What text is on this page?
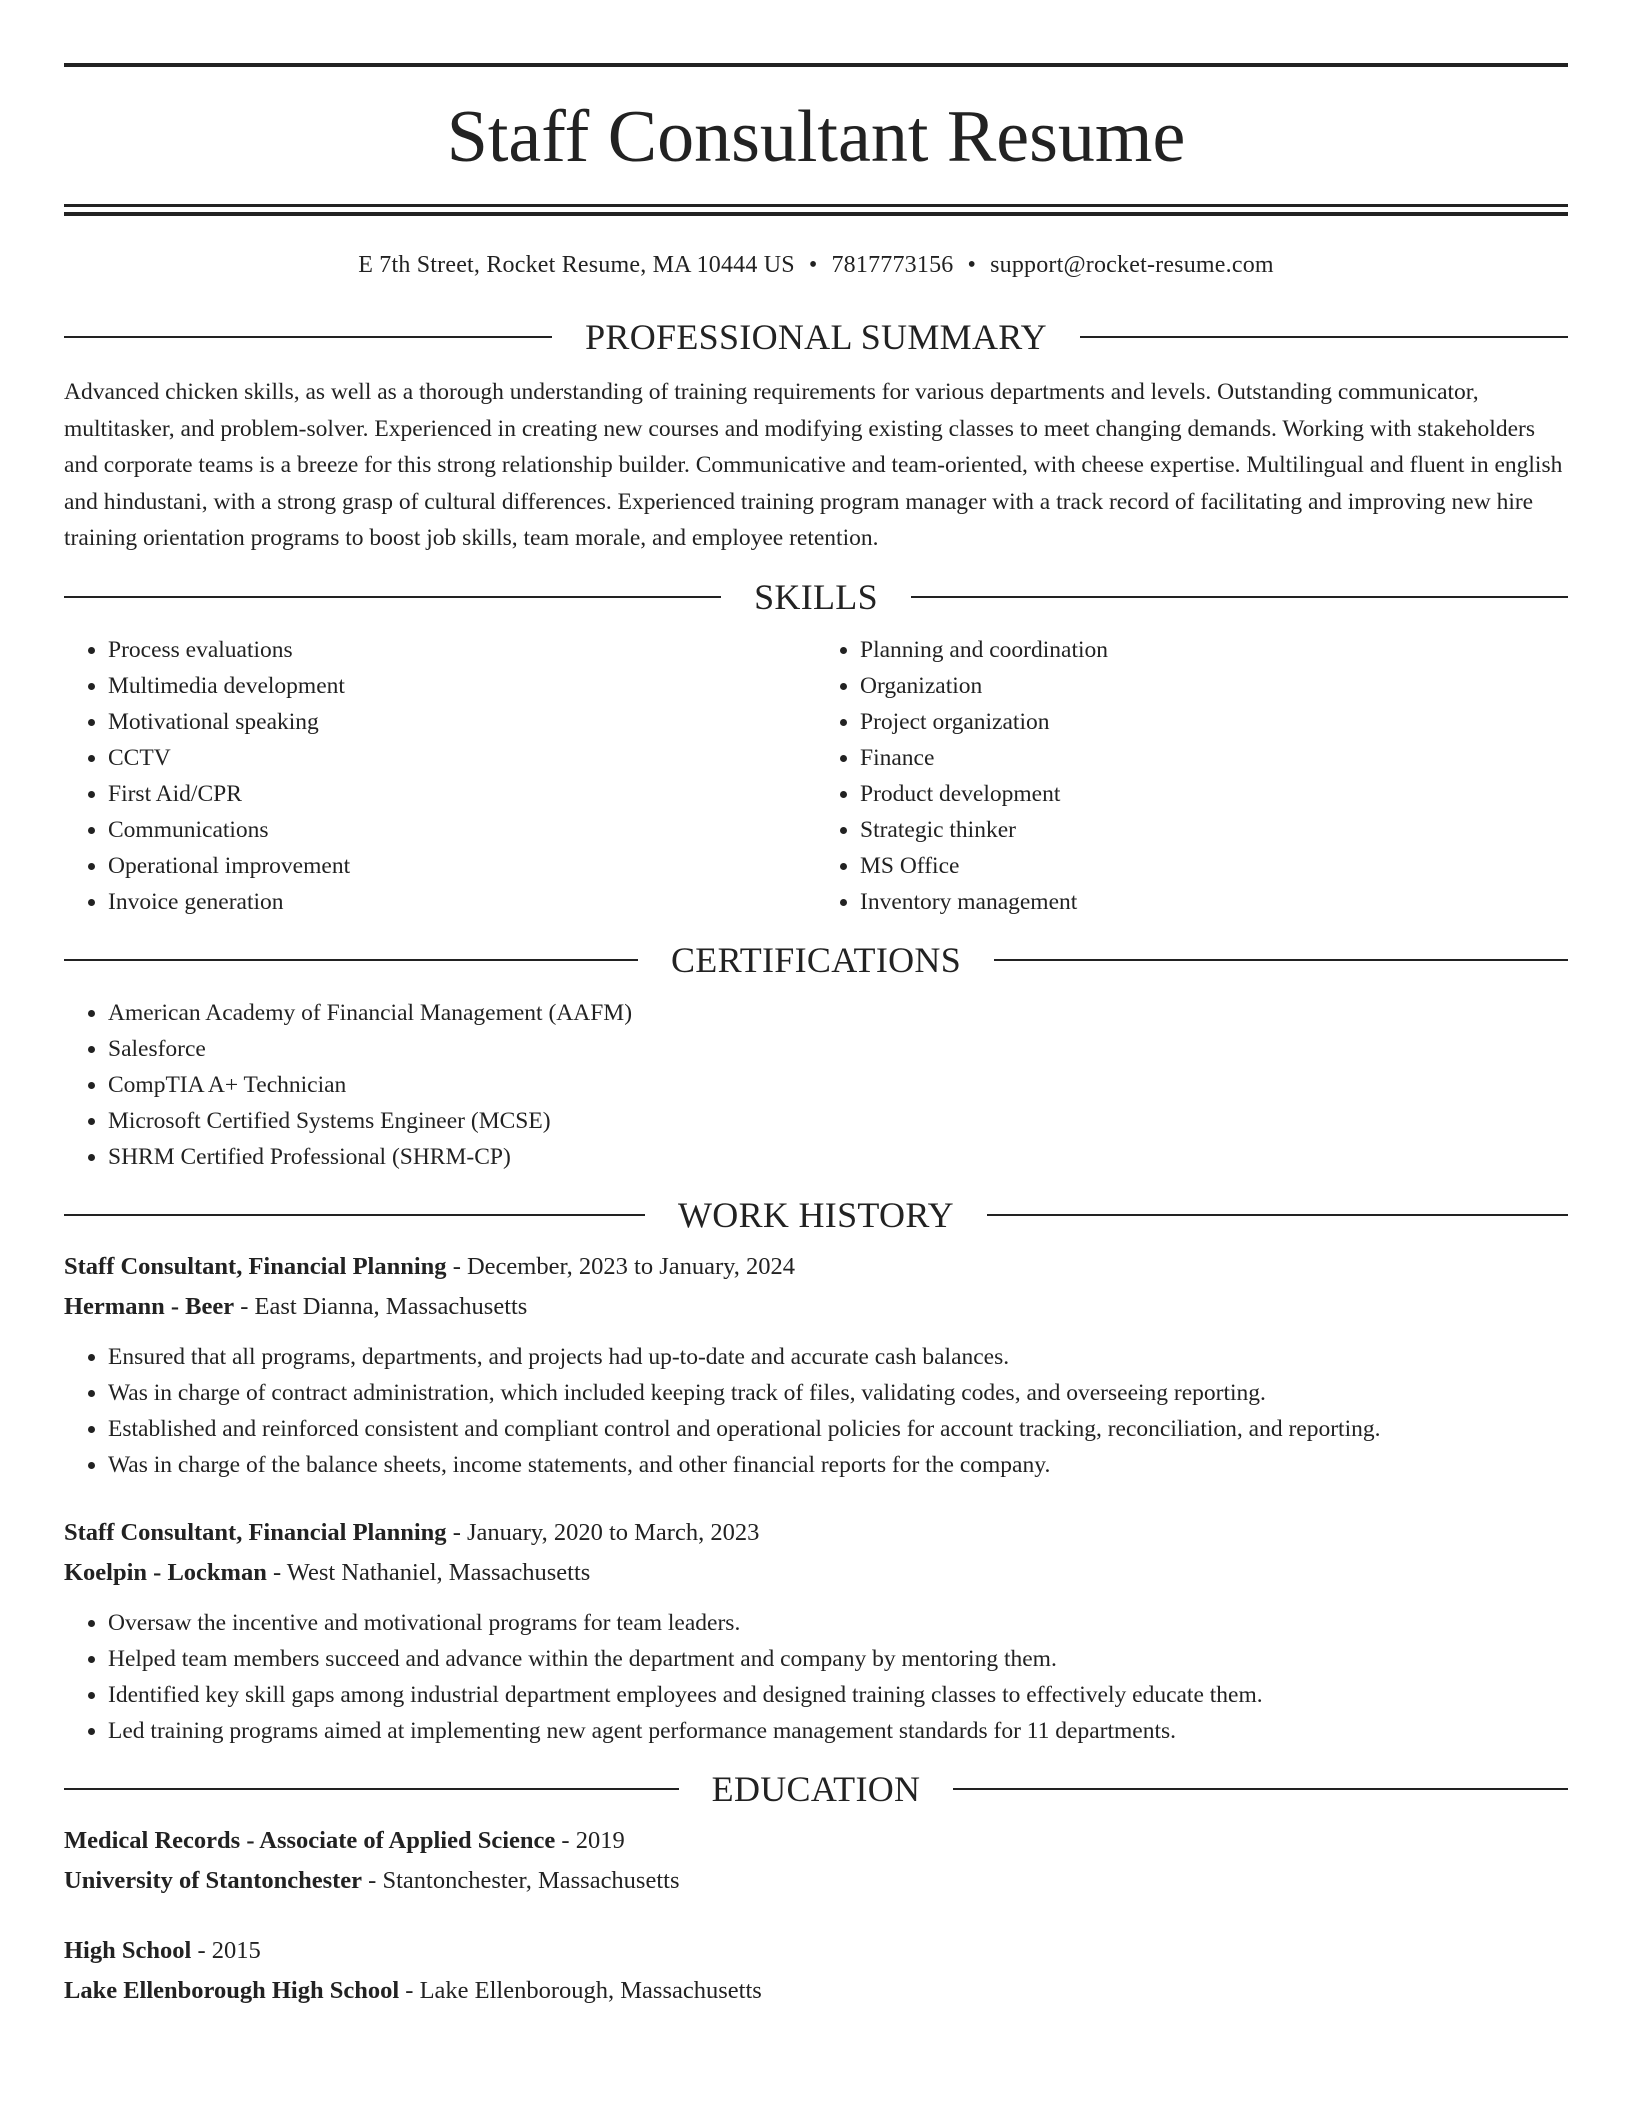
Staff Consultant Resume
E 7th Street, Rocket Resume, MA 10444 US • 7817773156 • support@rocket-resume.com
PROFESSIONAL SUMMARY

Advanced chicken skills, as well as a thorough understanding of training requirements for various departments and levels. Outstanding communicator, multitasker, and problem-solver. Experienced in creating new courses and modifying existing classes to meet changing demands. Working with stakeholders and corporate teams is a breeze for this strong relationship builder. Communicative and team-oriented, with cheese expertise. Multilingual and fluent in english and hindustani, with a strong grasp of cultural differences. Experienced training program manager with a track record of facilitating and improving new hire training orientation programs to boost job skills, team morale, and employee retention.

SKILLS
• Process evaluations
• Multimedia development
• Motivational speaking
• CCTV
• First Aid/CPR
• Communications
• Operational improvement
• Invoice generation
• Planning and coordination
• Organization
• Project organization
• Finance
• Product development
• Strategic thinker
• MS Office
• Inventory management
CERTIFICATIONS
• American Academy of Financial Management (AAFM)
• Salesforce
• CompTIA A+ Technician
• Microsoft Certified Systems Engineer (MCSE)
• SHRM Certified Professional (SHRM-CP)
WORK HISTORY
Staff Consultant, Financial Planning - December, 2023 to January, 2024
Hermann - Beer - East Dianna, Massachusetts
• Ensured that all programs, departments, and projects had up-to-date and accurate cash balances.
• Was in charge of contract administration, which included keeping track of files, validating codes, and overseeing reporting.
• Established and reinforced consistent and compliant control and operational policies for account tracking, reconciliation, and reporting.
• Was in charge of the balance sheets, income statements, and other financial reports for the company.
Staff Consultant, Financial Planning - January, 2020 to March, 2023
Koelpin - Lockman - West Nathaniel, Massachusetts
• Oversaw the incentive and motivational programs for team leaders.
• Helped team members succeed and advance within the department and company by mentoring them.
• Identified key skill gaps among industrial department employees and designed training classes to effectively educate them.
• Led training programs aimed at implementing new agent performance management standards for 11 departments.
EDUCATION
Medical Records - Associate of Applied Science - 2019
University of Stantonchester - Stantonchester, Massachusetts
High School - 2015
Lake Ellenborough High School - Lake Ellenborough, Massachusetts
